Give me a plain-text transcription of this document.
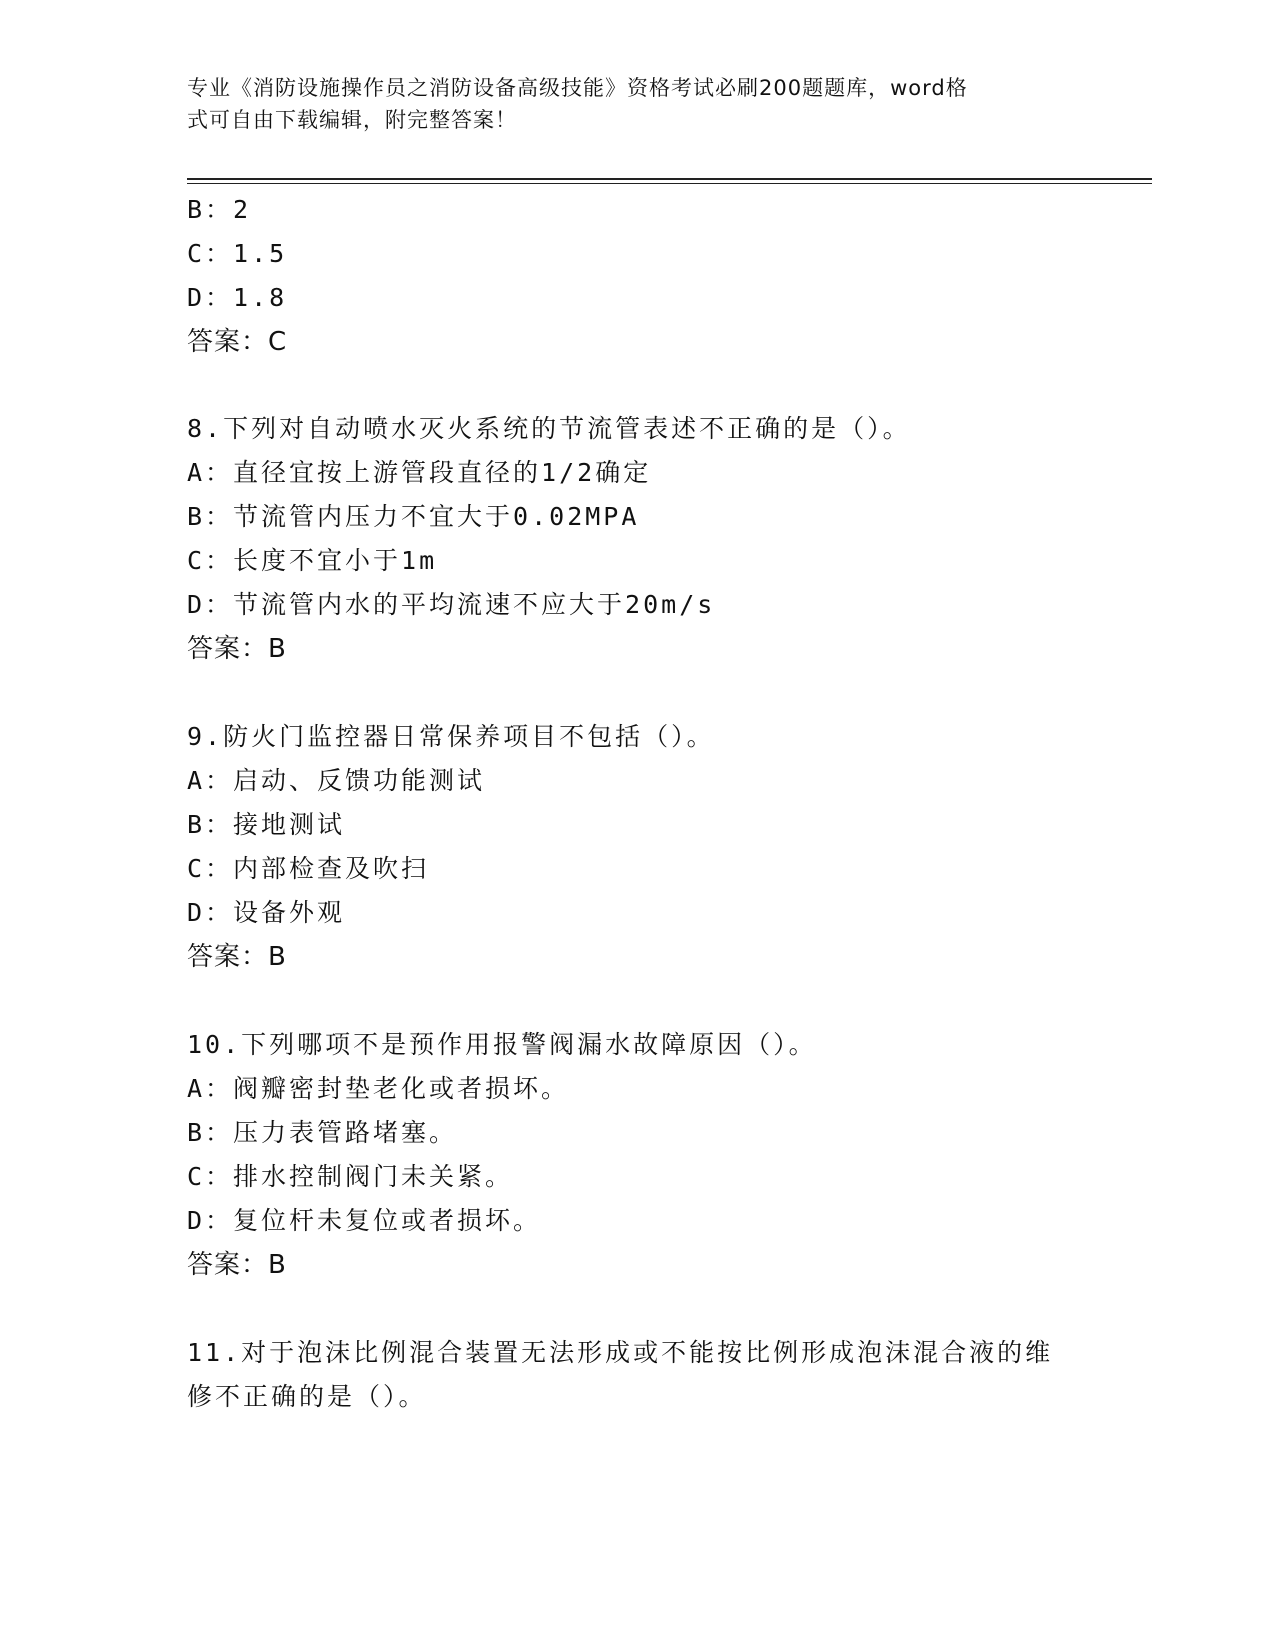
专业《消防设施操作员之消防设备高级技能》资格考试必刷200题题库，word格
式可自由下载编辑，附完整答案！
B：2
C：1.5
D：1.8
答案：C
8.下列对自动喷水灭火系统的节流管表述不正确的是（）。
A：直径宜按上游管段直径的1/2确定
B：节流管内压力不宜大于0.02MPA
C：长度不宜小于1m
D：节流管内水的平均流速不应大于20m/s
答案：B
9.防火门监控器日常保养项目不包括（）。
A：启动、反馈功能测试
B：接地测试
C：内部检查及吹扫
D：设备外观
答案：B
10.下列哪项不是预作用报警阀漏水故障原因（）。
A：阀瓣密封垫老化或者损坏。
B：压力表管路堵塞。
C：排水控制阀门未关紧。
D：复位杆未复位或者损坏。
答案：B
11.对于泡沫比例混合装置无法形成或不能按比例形成泡沫混合液的维
修不正确的是（）。
